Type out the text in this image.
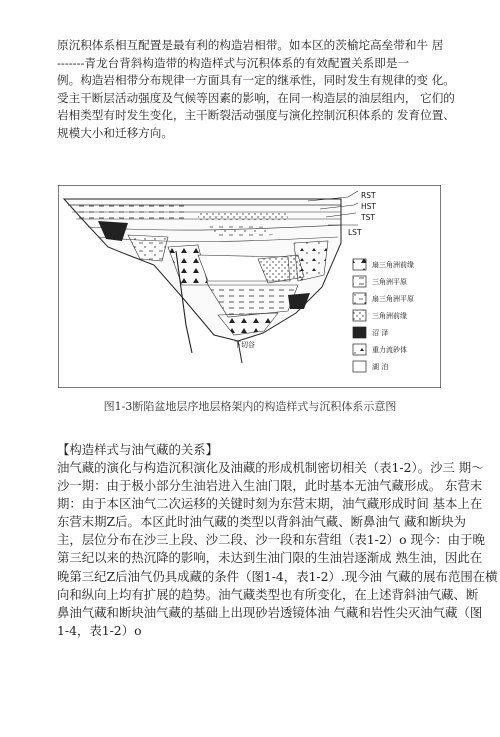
原沉积体系相互配置是最有利的构造岩相带。如本区的茨榆坨高垒带和牛 居
-------青龙台背斜构造带的构造样式与沉积体系的有效配置关系即是一
例。构造岩相带分布规律一方面具有一定的继承性，同时发生有规律的变 化。
受主干断层活动强度及气候等因素的影响，在同一构造层的油层组内， 它们的
岩相类型有时发生变化，主干断裂活动强度与演化控制沉积体系的 发育位置、
规模大小和迁移方向。
RST
HST
TST
LST
下切谷
扇三角洲前缘
三角洲平原
扇三角洲平原
三角洲前缘
沼 泽
重力流砂体
湖 泊
图1-3断陷盆地层序地层格架内的构造样式与沉积体系示意图
【构造样式与油气藏的关系】
油气藏的演化与构造沉积演化及油藏的形成机制密切相关（表1-2）。沙三 期〜
沙一期：由于极小部分生油岩进入生油门限，此时基本无油气藏形成。 东营末
期：由于本区油气二次运移的关键时刻为东营末期，油气藏形成时间 基本上在
东营末期Z后。本区此时油气藏的类型以背斜油气藏、断鼻油气 藏和断块为
主，层位分布在沙三上段、沙二段、沙一段和东营组（表1-2）o 现今：由于晚
第三纪以来的热沉降的影响，未达到生油门限的生油岩逐渐成 熟生油，因此在
晚第三纪Z后油气仍具成藏的条件（图1-4，表1-2）.现今油 气藏的展布范围在横
向和纵向上均有扩展的趋势。油气藏类型也有所变化，在上述背斜油气藏、断
鼻油气藏和断块油气藏的基础上出现砂岩透镜体油 气藏和岩性尖灭油气藏（图
1-4，表1-2）o
